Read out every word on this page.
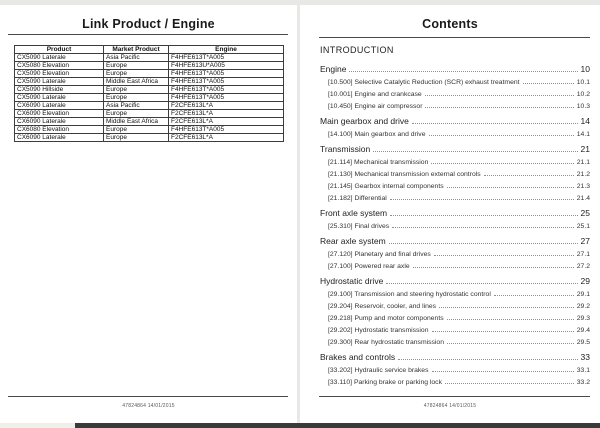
Link Product / Engine
Product	Market Product	Engine
CX5090 Laterale	Asia Pacific	F4HFE613T*A005
CX5080 Elevation	Europe	F4HFE613U*A005
CX5090 Elevation	Europe	F4HFE613T*A005
CX5090 Laterale	Middle East Africa	F4HFE613T*A005
CX5090 Hillside	Europe	F4HFE613T*A005
CX5090 Laterale	Europe	F4HFE613T*A005
CX6090 Laterale	Asia Pacific	F2CFE613L*A
CX6090 Elevation	Europe	F2CFE613L*A
CX6090 Laterale	Middle East Africa	F2CFE613L*A
CX6080 Elevation	Europe	F4HFE613T*A005
CX6090 Laterale	Europe	F2CFE613L*A
47824864 14/01/2015
Contents
INTRODUCTION
Engine	10
[10.500] Selective Catalytic Reduction (SCR) exhaust treatment	10.1
[10.001] Engine and crankcase	10.2
[10.450] Engine air compressor	10.3
Main gearbox and drive	14
[14.100] Main gearbox and drive	14.1
Transmission	21
[21.114] Mechanical transmission	21.1
[21.130] Mechanical transmission external controls	21.2
[21.145] Gearbox internal components	21.3
[21.182] Differential	21.4
Front axle system	25
[25.310] Final drives	25.1
Rear axle system	27
[27.120] Planetary and final drives	27.1
[27.100] Powered rear axle	27.2
Hydrostatic drive	29
[29.100] Transmission and steering hydrostatic control	29.1
[29.204] Reservoir, cooler, and lines	29.2
[29.218] Pump and motor components	29.3
[29.202] Hydrostatic transmission	29.4
[29.300] Rear hydrostatic transmission	29.5
Brakes and controls	33
[33.202] Hydraulic service brakes	33.1
[33.110] Parking brake or parking lock	33.2
47824864 14/01/2015
